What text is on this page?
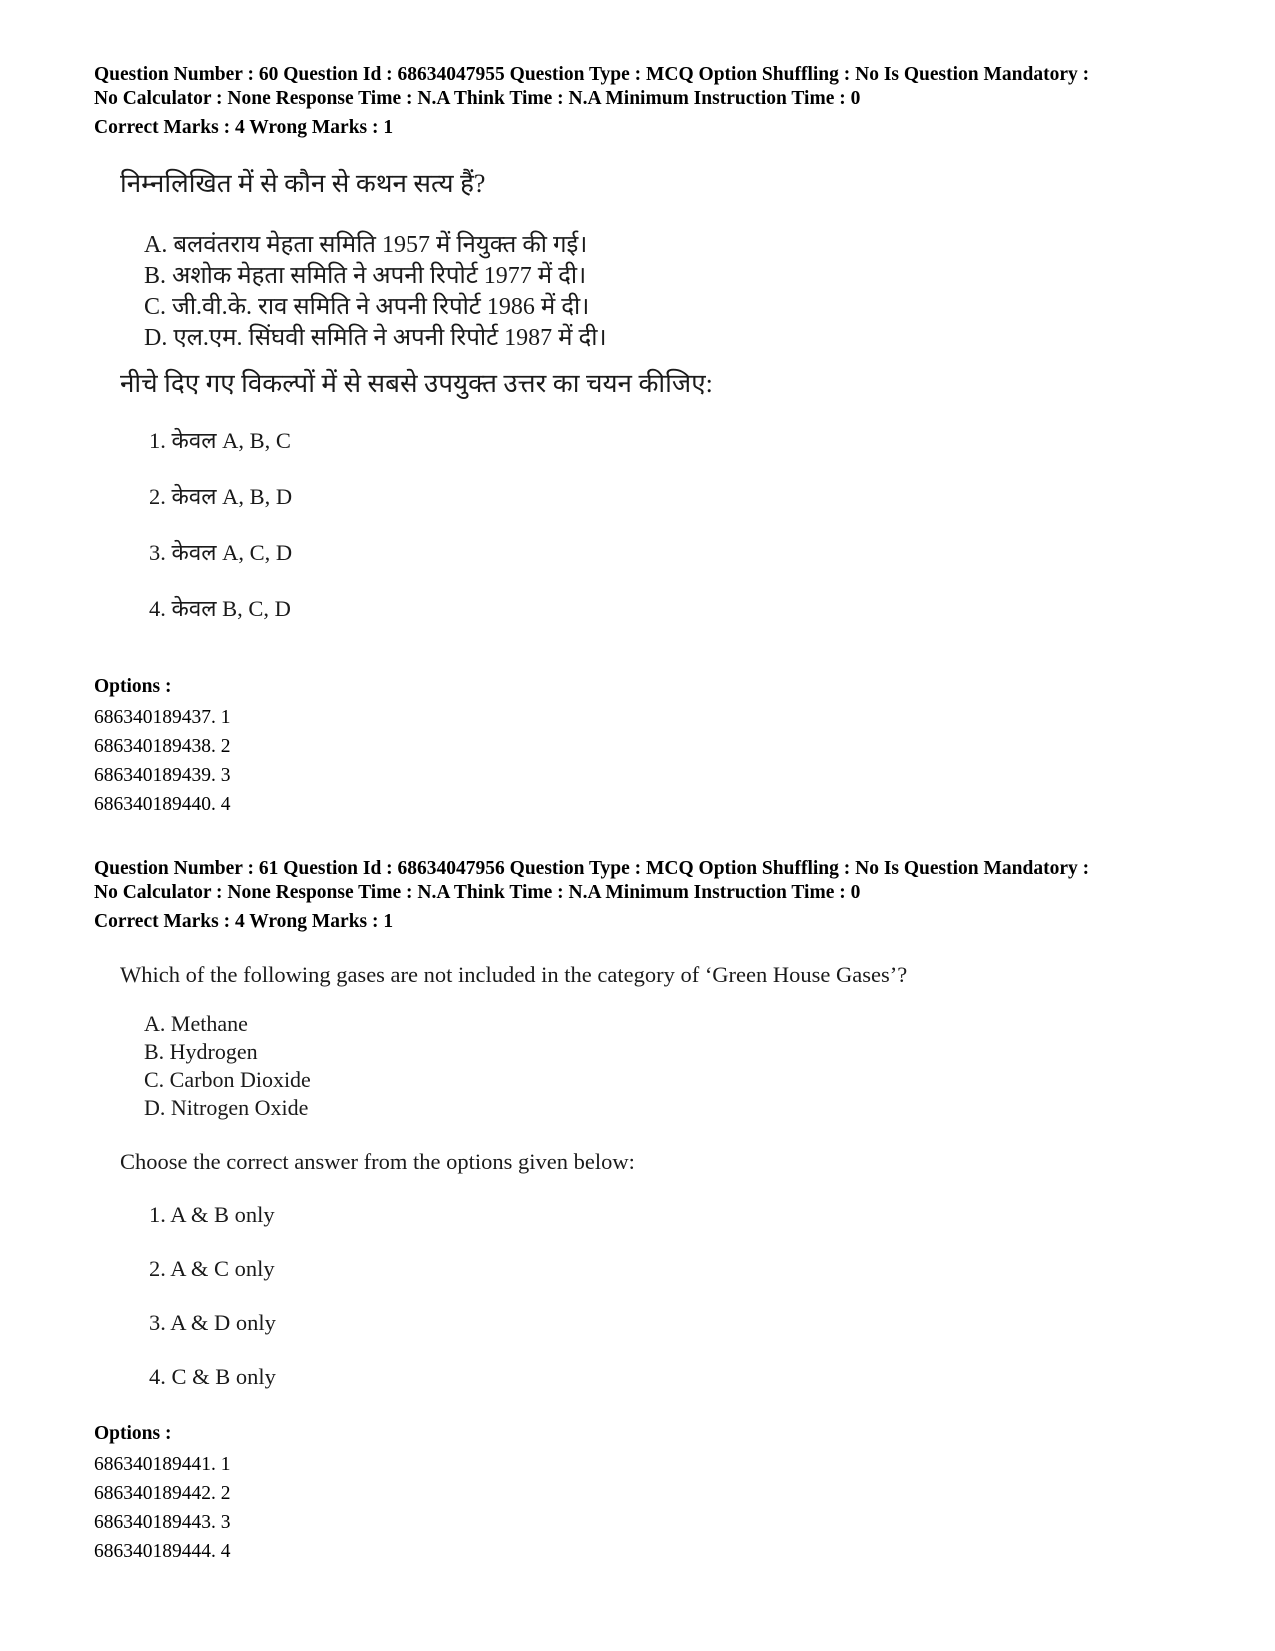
Question Number : 60 Question Id : 68634047955 Question Type : MCQ Option Shuffling : No Is Question Mandatory :

No Calculator : None Response Time : N.A Think Time : N.A Minimum Instruction Time : 0

Correct Marks : 4 Wrong Marks : 1

निम्नलिखित में से कौन से कथन सत्य हैं?
A. बलवंतराय मेहता समिति 1957 में नियुक्त की गई।
B. अशोक मेहता समिति ने अपनी रिपोर्ट 1977 में दी।
C. जी.वी.के. राव समिति ने अपनी रिपोर्ट 1986 में दी।
D. एल.एम. सिंघवी समिति ने अपनी रिपोर्ट 1987 में दी।
नीचे दिए गए विकल्पों में से सबसे उपयुक्त उत्तर का चयन कीजिए:
1. केवल A, B, C
2. केवल A, B, D
3. केवल A, C, D
4. केवल B, C, D

Options :

686340189437. 1
686340189438. 2
686340189439. 3
686340189440. 4

Question Number : 61 Question Id : 68634047956 Question Type : MCQ Option Shuffling : No Is Question Mandatory :

No Calculator : None Response Time : N.A Think Time : N.A Minimum Instruction Time : 0

Correct Marks : 4 Wrong Marks : 1

Which of the following gases are not included in the category of ‘Green House Gases’?
A. Methane
B. Hydrogen
C. Carbon Dioxide
D. Nitrogen Oxide
Choose the correct answer from the options given below:
1. A & B only
2. A & C only
3. A & D only
4. C & B only

Options :

686340189441. 1
686340189442. 2
686340189443. 3
686340189444. 4
